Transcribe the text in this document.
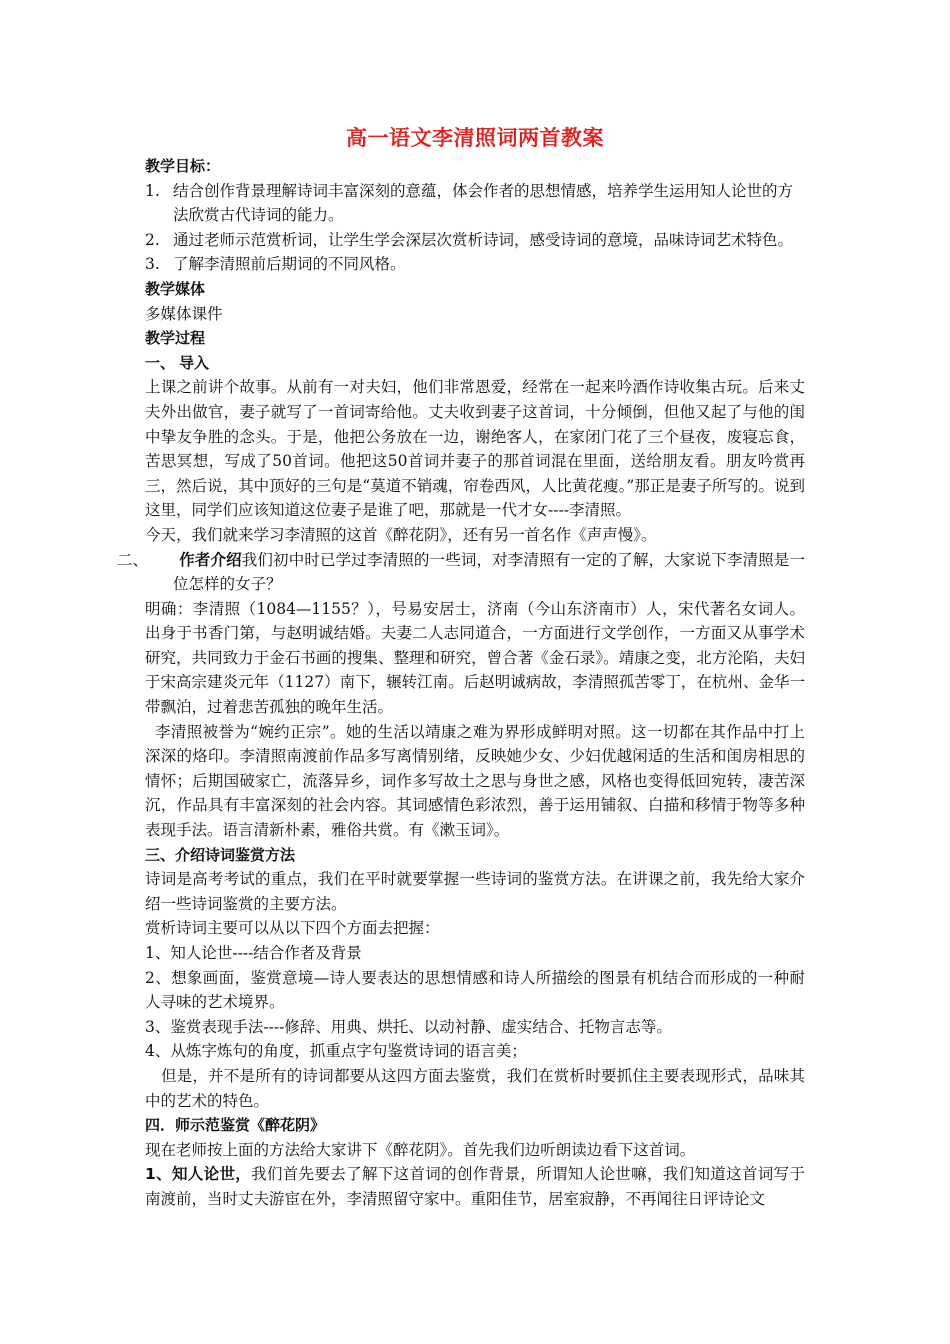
高一语文李清照词两首教案

教学目标：

1. 结合创作背景理解诗词丰富深刻的意蕴，体会作者的思想情感，培养学生运用知人论世的方法欣赏古代诗词的能力。
2. 通过老师示范赏析词，让学生学会深层次赏析诗词，感受诗词的意境，品味诗词艺术特色。
3. 了解李清照前后期词的不同风格。

教学媒体

多媒体课件

教学过程

一、 导入

上课之前讲个故事。从前有一对夫妇，他们非常恩爱，经常在一起来吟酒作诗收集古玩。后来丈夫外出做官，妻子就写了一首词寄给他。丈夫收到妻子这首词，十分倾倒，但他又起了与他的闺中挚友争胜的念头。于是，他把公务放在一边，谢绝客人，在家闭门花了三个昼夜，废寝忘食，苦思冥想，写成了50首词。他把这50首词并妻子的那首词混在里面，送给朋友看。朋友吟赏再三，然后说，其中顶好的三句是“莫道不销魂，帘卷西风，人比黄花瘦。”那正是妻子所写的。说到这里，同学们应该知道这位妻子是谁了吧，那就是一代才女----李清照。

今天，我们就来学习李清照的这首《醉花阴》，还有另一首名作《声声慢》。

二、 作者介绍我们初中时已学过李清照的一些词，对李清照有一定的了解，大家说下李清照是一位怎样的女子？

明确：李清照（1084—1155？），号易安居士，济南（今山东济南市）人，宋代著名女词人。出身于书香门第，与赵明诚结婚。夫妻二人志同道合，一方面进行文学创作，一方面又从事学术研究，共同致力于金石书画的搜集、整理和研究，曾合著《金石录》。靖康之变，北方沦陷，夫妇于宋高宗建炎元年（1127）南下，辗转江南。后赵明诚病故，李清照孤苦零丁，在杭州、金华一带飘泊，过着悲苦孤独的晚年生活。

李清照被誉为“婉约正宗”。她的生活以靖康之难为界形成鲜明对照。这一切都在其作品中打上深深的烙印。李清照南渡前作品多写离情别绪，反映她少女、少妇优越闲适的生活和闺房相思的情怀；后期国破家亡，流落异乡，词作多写故土之思与身世之感，风格也变得低回宛转，凄苦深沉，作品具有丰富深刻的社会内容。其词感情色彩浓烈，善于运用铺叙、白描和移情于物等多种表现手法。语言清新朴素，雅俗共赏。有《漱玉词》。

三、介绍诗词鉴赏方法

诗词是高考考试的重点，我们在平时就要掌握一些诗词的鉴赏方法。在讲课之前，我先给大家介绍一些诗词鉴赏的主要方法。

赏析诗词主要可以从以下四个方面去把握：

1、知人论世----结合作者及背景

2、想象画面，鉴赏意境—诗人要表达的思想情感和诗人所描绘的图景有机结合而形成的一种耐人寻味的艺术境界。

3、鉴赏表现手法----修辞、用典、烘托、以动衬静、虚实结合、托物言志等。

4、从炼字炼句的角度，抓重点字句鉴赏诗词的语言美；

但是，并不是所有的诗词都要从这四方面去鉴赏，我们在赏析时要抓住主要表现形式，品味其中的艺术的特色。

四．师示范鉴赏《醉花阴》

现在老师按上面的方法给大家讲下《醉花阴》。首先我们边听朗读边看下这首词。

1、知人论世，我们首先要去了解下这首词的创作背景，所谓知人论世嘛，我们知道这首词写于南渡前，当时丈夫游宦在外，李清照留守家中。重阳佳节，居室寂静，不再闻往日评诗论文
